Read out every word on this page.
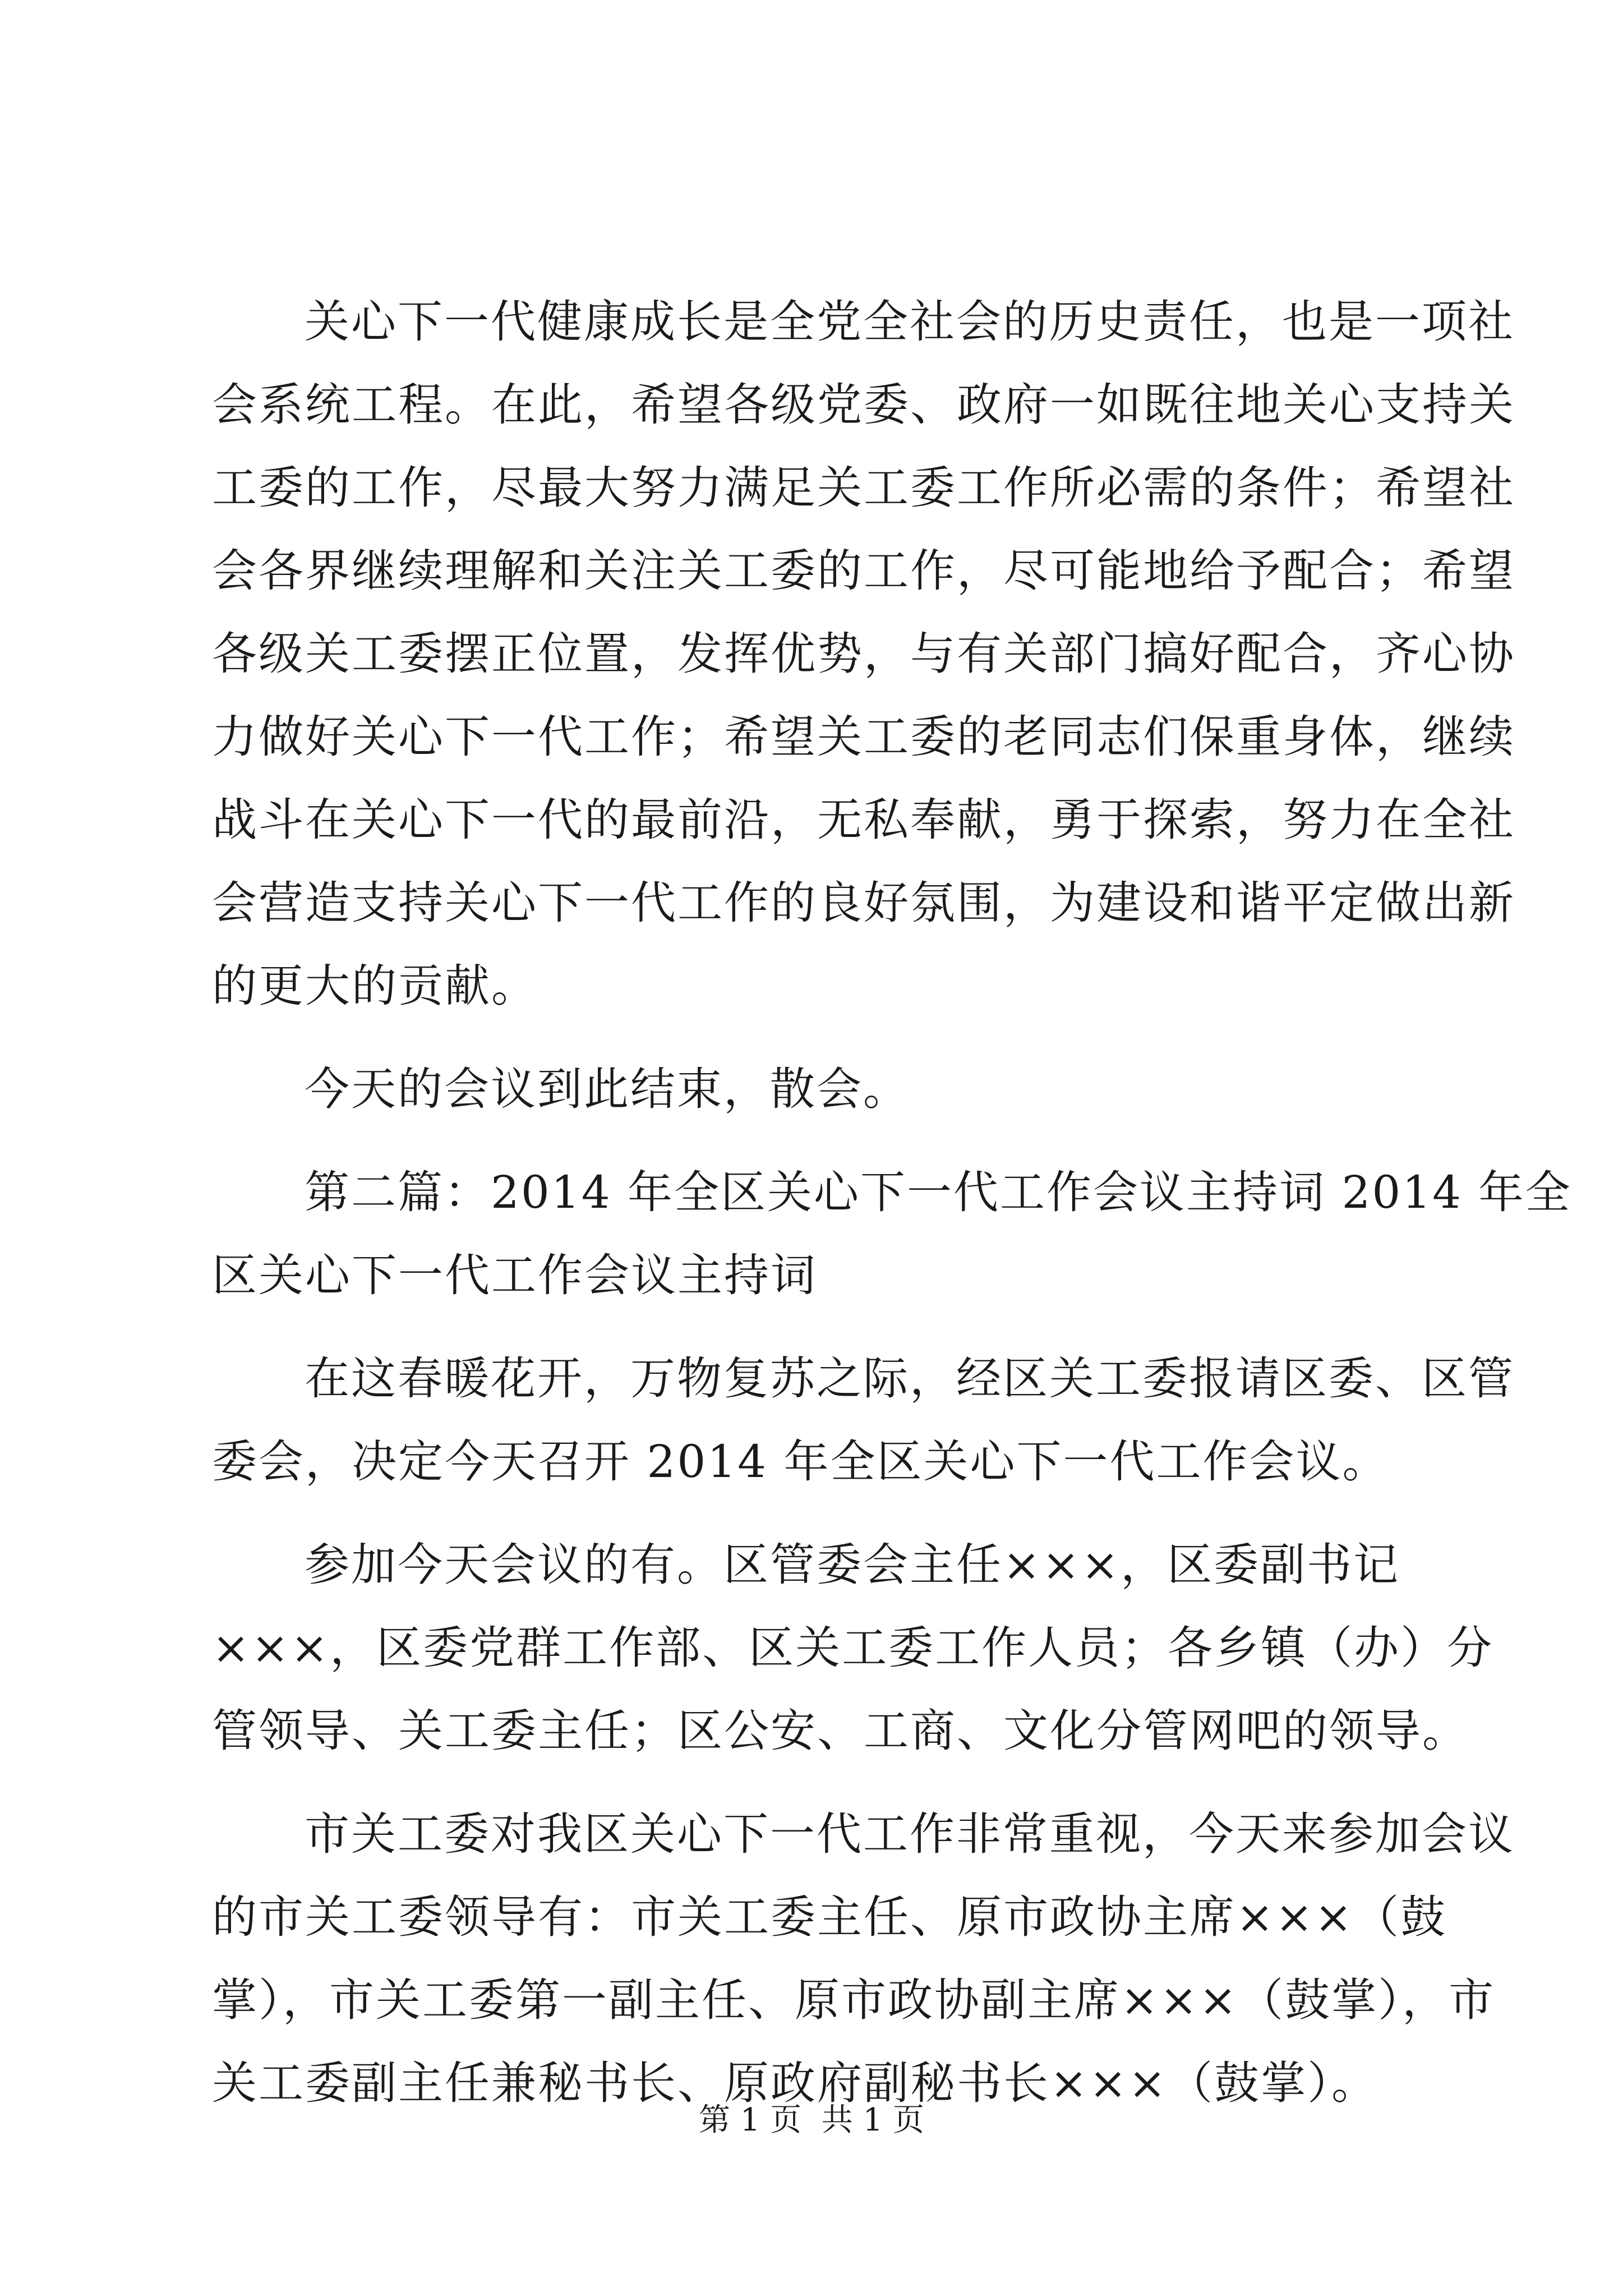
关心下一代健康成长是全党全社会的历史责任，也是一项社
会系统工程。在此，希望各级党委、政府一如既往地关心支持关
工委的工作，尽最大努力满足关工委工作所必需的条件；希望社
会各界继续理解和关注关工委的工作，尽可能地给予配合；希望
各级关工委摆正位置，发挥优势，与有关部门搞好配合，齐心协
力做好关心下一代工作；希望关工委的老同志们保重身体，继续
战斗在关心下一代的最前沿，无私奉献，勇于探索，努力在全社
会营造支持关心下一代工作的良好氛围，为建设和谐平定做出新
的更大的贡献。
今天的会议到此结束，散会。
第二篇：2014 年全区关心下一代工作会议主持词 2014 年全
区关心下一代工作会议主持词
在这春暖花开，万物复苏之际，经区关工委报请区委、区管
委会，决定今天召开 2014 年全区关心下一代工作会议。
参加今天会议的有。区管委会主任×××，区委副书记
×××，区委党群工作部、区关工委工作人员；各乡镇（办）分
管领导、关工委主任；区公安、工商、文化分管网吧的领导。
市关工委对我区关心下一代工作非常重视，今天来参加会议
的市关工委领导有：市关工委主任、原市政协主席×××（鼓
掌），市关工委第一副主任、原市政协副主席×××（鼓掌），市
关工委副主任兼秘书长、原政府副秘书长×××（鼓掌）。
第 1 页  共 1 页
